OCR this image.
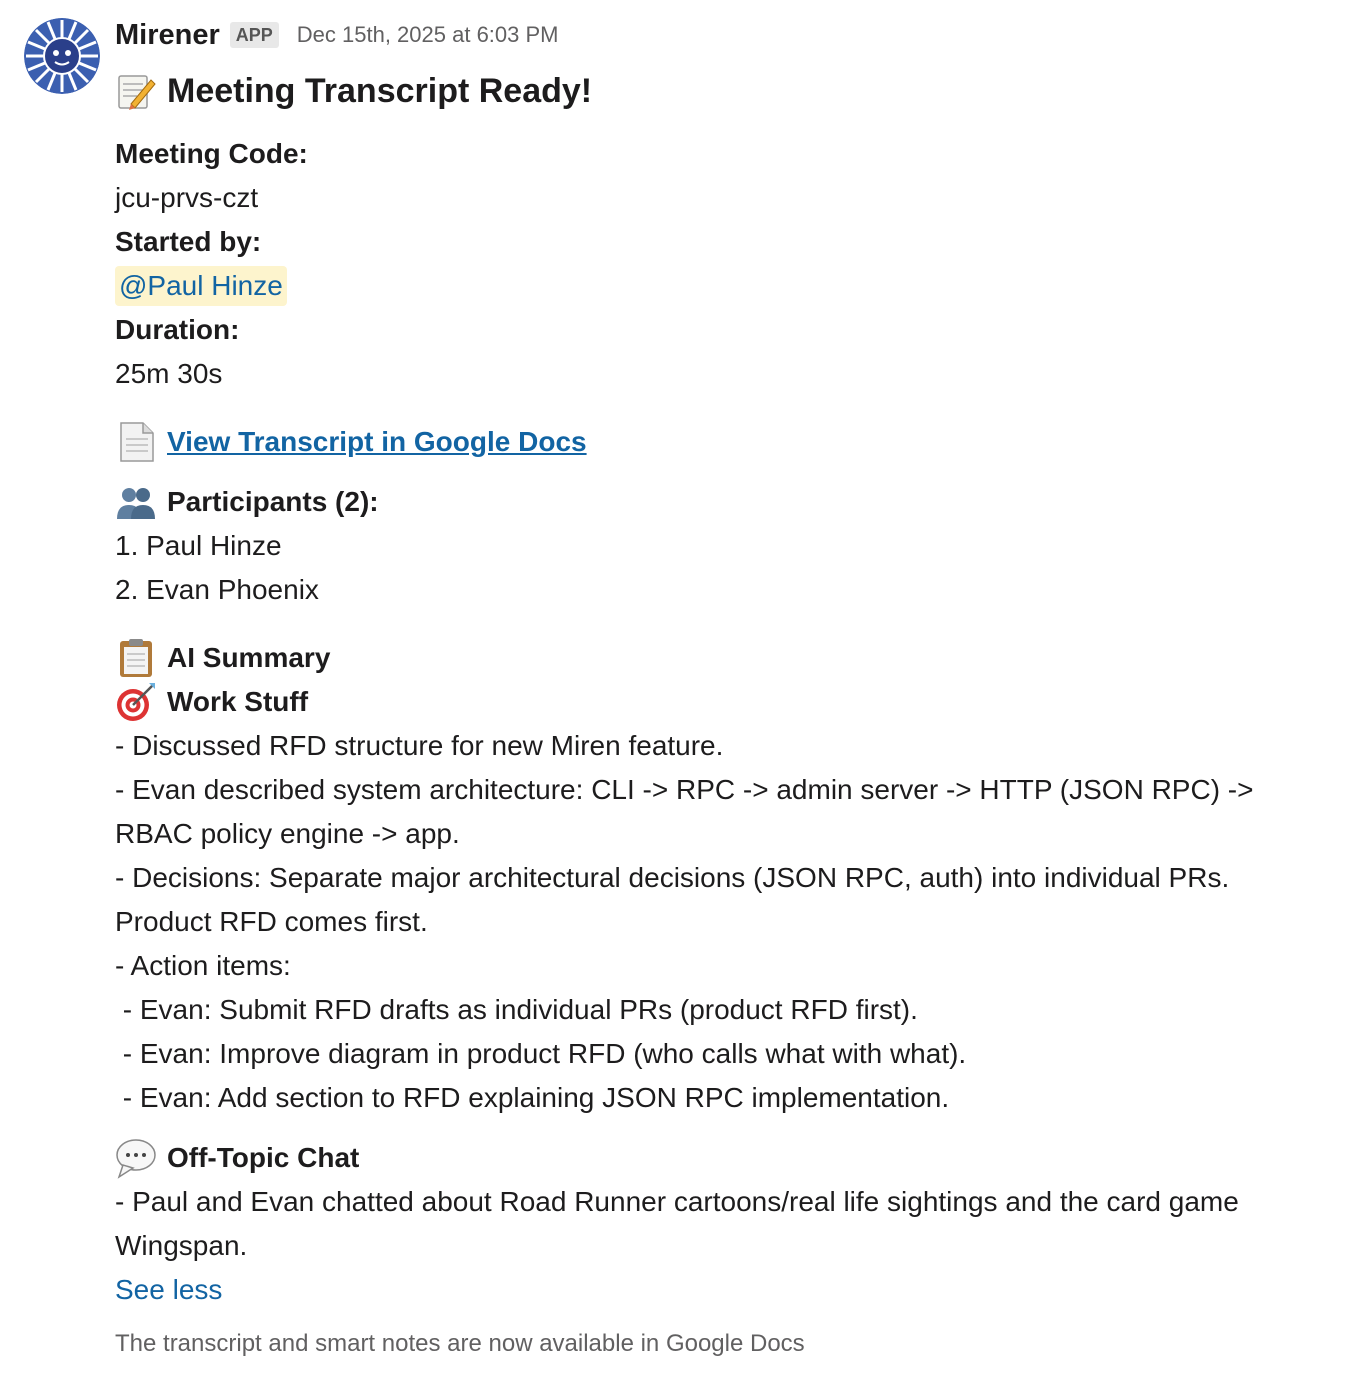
Mirener APP Dec 15th, 2025 at 6:03 PM
Meeting Transcript Ready!

Meeting Code:

jcu-prvs-czt

Started by:

@Paul Hinze

Duration:

25m 30s

View Transcript in Google Docs
Participants (2):

1. Paul Hinze

2. Evan Phoenix

AI Summary
Work Stuff

- Discussed RFD structure for new Miren feature.

- Evan described system architecture: CLI -> RPC -> admin server -> HTTP (JSON RPC) -> RBAC policy engine -> app.

- Decisions: Separate major architectural decisions (JSON RPC, auth) into individual PRs. Product RFD comes first.

- Action items:

- Evan: Submit RFD drafts as individual PRs (product RFD first).

- Evan: Improve diagram in product RFD (who calls what with what).

- Evan: Add section to RFD explaining JSON RPC implementation.

Off-Topic Chat

- Paul and Evan chatted about Road Runner cartoons/real life sightings and the card game Wingspan.

See less
The transcript and smart notes are now available in Google Docs
